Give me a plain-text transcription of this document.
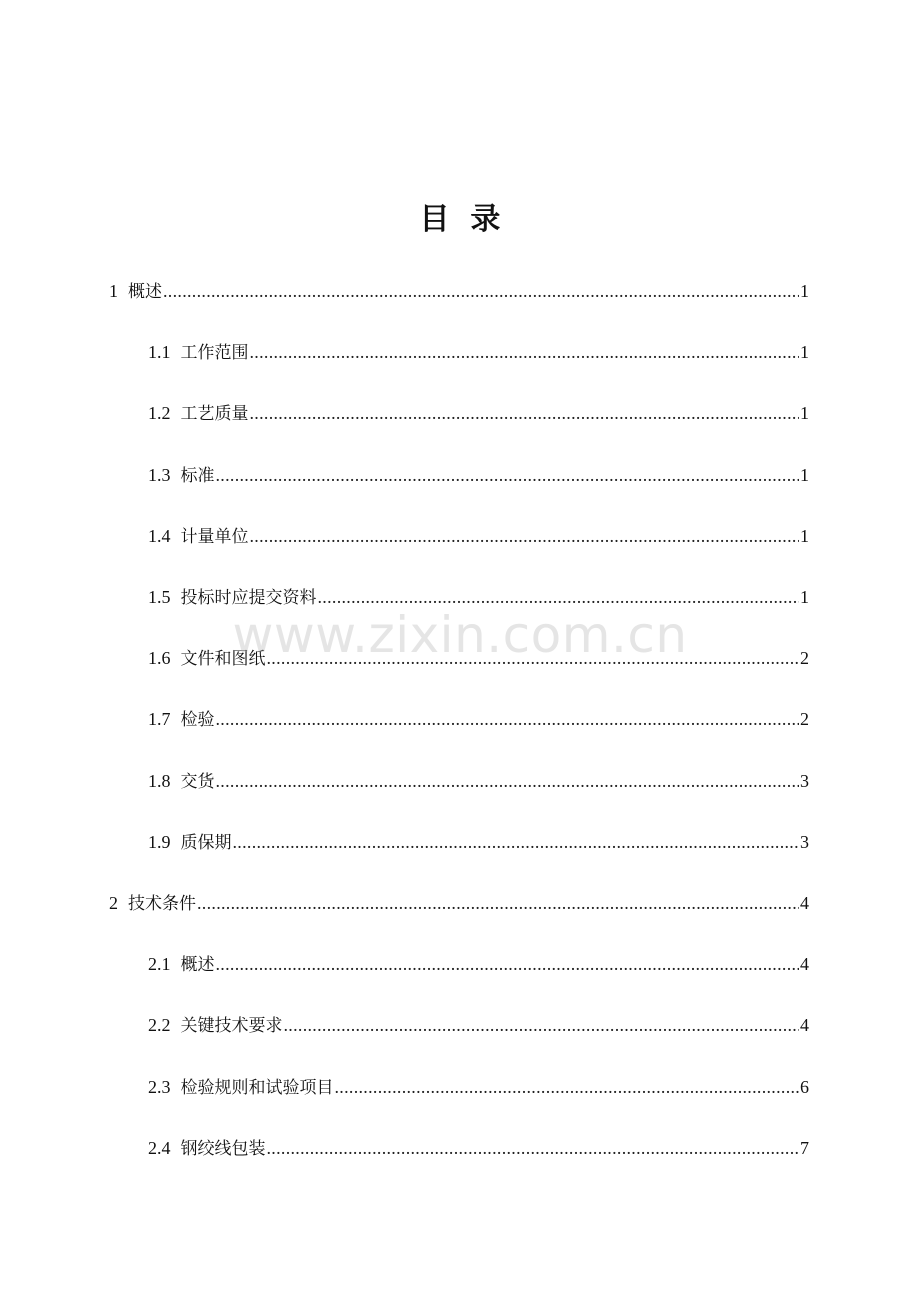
目  录
1 概述 .....	1
1.1 工作范围 .....	1
1.2 工艺质量 .....	1
1.3 标准 .....	1
1.4 计量单位 .....	1
1.5 投标时应提交资料 .....	1
1.6 文件和图纸 .....	2
1.7 检验 .....	2
1.8 交货 .....	3
1.9 质保期 .....	3
2 技术条件 .....	4
2.1 概述 .....	4
2.2 关键技术要求 .....	4
2.3 检验规则和试验项目 .....	6
2.4 钢绞线包装 .....	7
www.zixin.com.cn
